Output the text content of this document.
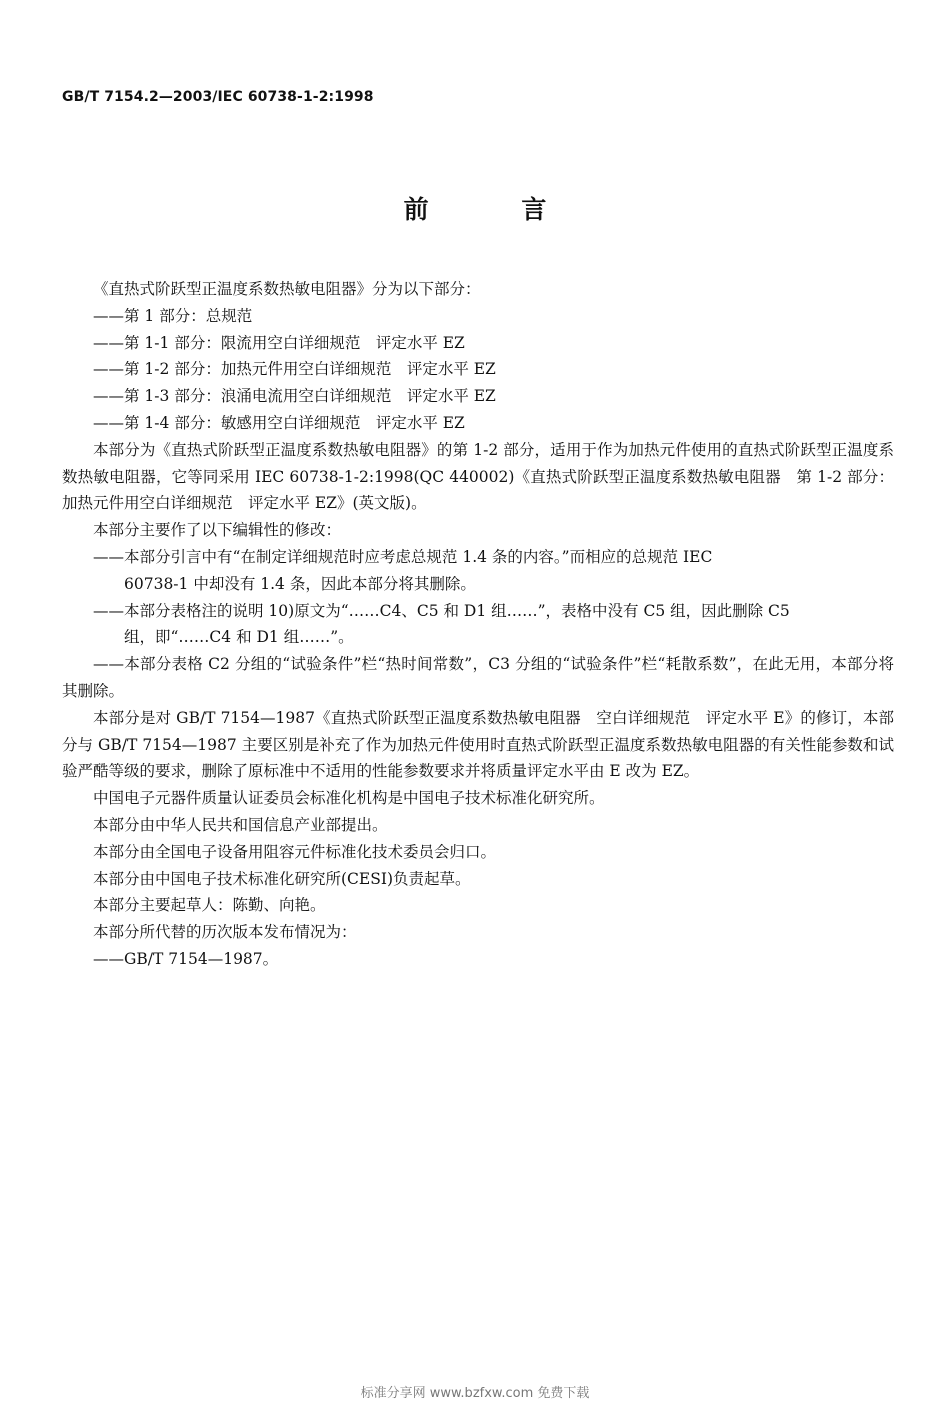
GB/T 7154.2—2003/IEC 60738-1-2:1998
前 言

《直热式阶跃型正温度系数热敏电阻器》分为以下部分：

——第 1 部分：总规范

——第 1-1 部分：限流用空白详细规范　评定水平 EZ

——第 1-2 部分：加热元件用空白详细规范　评定水平 EZ

——第 1-3 部分：浪涌电流用空白详细规范　评定水平 EZ

——第 1-4 部分：敏感用空白详细规范　评定水平 EZ

本部分为《直热式阶跃型正温度系数热敏电阻器》的第 1-2 部分，适用于作为加热元件使用的直热式阶跃型正温度系数热敏电阻器，它等同采用 IEC 60738-1-2:1998(QC 440002)《直热式阶跃型正温度系数热敏电阻器　第 1-2 部分：加热元件用空白详细规范　评定水平 EZ》(英文版)。

本部分主要作了以下编辑性的修改：

——本部分引言中有“在制定详细规范时应考虑总规范 1.4 条的内容。”而相应的总规范 IEC
60738-1 中却没有 1.4 条，因此本部分将其删除。

——本部分表格注的说明 10)原文为“……C4、C5 和 D1 组……”，表格中没有 C5 组，因此删除 C5
组，即“……C4 和 D1 组……”。

——本部分表格 C2 分组的“试验条件”栏“热时间常数”，C3 分组的“试验条件”栏“耗散系数”，在此无用，本部分将其删除。

本部分是对 GB/T 7154—1987《直热式阶跃型正温度系数热敏电阻器　空白详细规范　评定水平 E》的修订，本部分与 GB/T 7154—1987 主要区别是补充了作为加热元件使用时直热式阶跃型正温度系数热敏电阻器的有关性能参数和试验严酷等级的要求，删除了原标准中不适用的性能参数要求并将质量评定水平由 E 改为 EZ。

中国电子元器件质量认证委员会标准化机构是中国电子技术标准化研究所。

本部分由中华人民共和国信息产业部提出。

本部分由全国电子设备用阻容元件标准化技术委员会归口。

本部分由中国电子技术标准化研究所(CESI)负责起草。

本部分主要起草人：陈勤、向艳。

本部分所代替的历次版本发布情况为：

——GB/T 7154—1987。

标准分享网 www.bzfxw.com 免费下载
